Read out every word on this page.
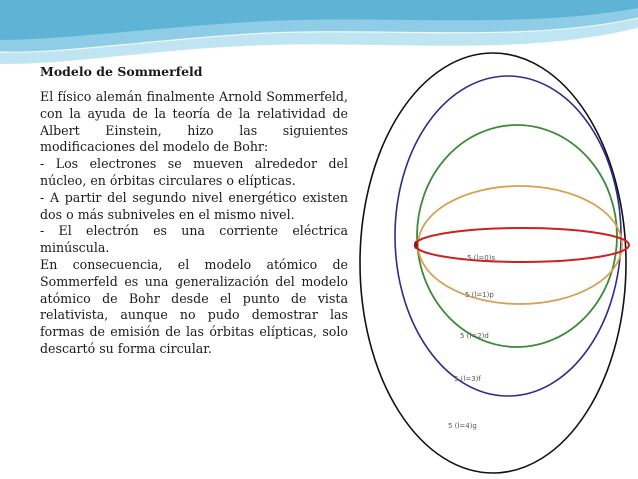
Modelo de Sommerfeld

El físico alemán finalmente Arnold Sommerfeld, con la ayuda de la teoría de la relatividad de Albert Einstein, hizo las siguientes modificaciones del modelo de Bohr:

- Los electrones se mueven alrededor del núcleo, en órbitas circulares o elípticas.

- A partir del segundo nivel energético existen dos o más subniveles en el mismo nivel.

- El electrón es una corriente eléctrica minúscula.

En consecuencia, el modelo atómico de Sommerfeld es una generalización del modelo atómico de Bohr desde el punto de vista relativista, aunque no pudo demostrar las formas de emisión de las órbitas elípticas, solo descartó su forma circular.

5 (l=0)s
5 (l=1)p
5 (l=2)d
5 (l=3)f
5 (l=4)g
